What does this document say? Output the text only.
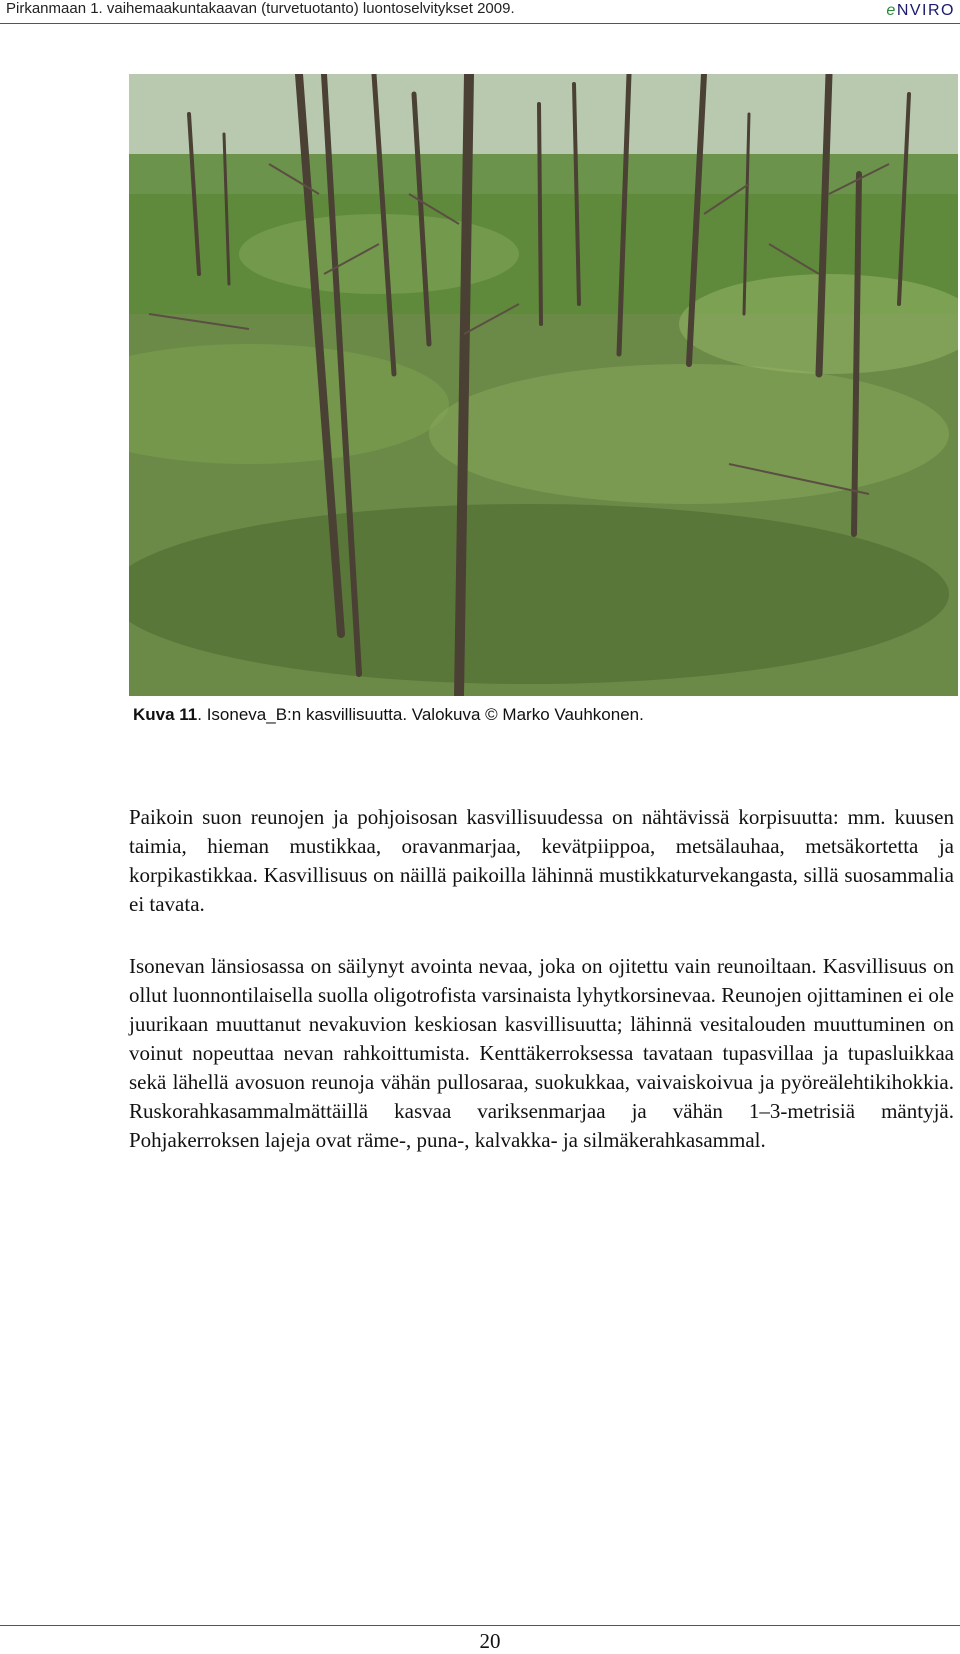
Pirkanmaan 1. vaihemaakuntakaavan (turvetuotanto) luontoselvitykset 2009.	eNVIRO
Kuva 11. Isoneva_B:n kasvillisuutta. Valokuva © Marko Vauhkonen.

Paikoin suon reunojen ja pohjoisosan kasvillisuudessa on nähtävissä korpisuutta: mm. kuusen taimia, hieman mustikkaa, oravanmarjaa, kevätpiippoa, metsälauhaa, metsäkortetta ja korpikastikkaa. Kasvillisuus on näillä paikoilla lähinnä mustikkaturvekangasta, sillä suosammalia ei tavata.

Isonevan länsiosassa on säilynyt avointa nevaa, joka on ojitettu vain reunoiltaan. Kasvillisuus on ollut luonnontilaisella suolla oligotrofista varsinaista lyhytkorsinevaa. Reunojen ojittaminen ei ole juurikaan muuttanut nevakuvion keskiosan kasvillisuutta; lähinnä vesitalouden muuttuminen on voinut nopeuttaa nevan rahkoittumista. Kenttäkerroksessa tavataan tupasvillaa ja tupasluikkaa sekä lähellä avosuon reunoja vähän pullosaraa, suokukkaa, vaivaiskoivua ja pyöreälehtikihokkia. Ruskorahkasammalmättäillä kasvaa variksenmarjaa ja vähän 1–3-metrisiä mäntyjä. Pohjakerroksen lajeja ovat räme-, puna-, kalvakka- ja silmäkerahkasammal.

20
